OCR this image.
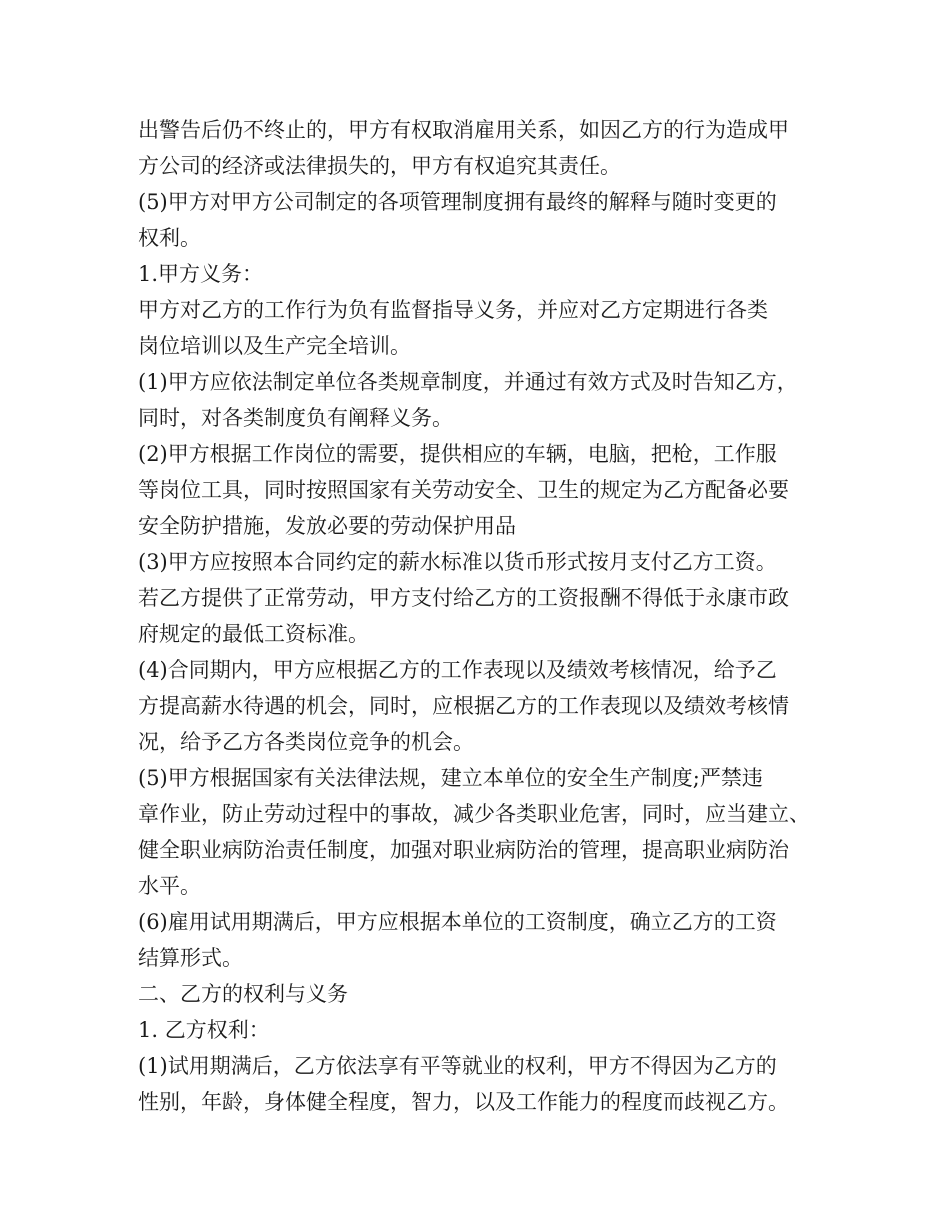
出警告后仍不终止的，甲方有权取消雇用关系，如因乙方的行为造成甲
方公司的经济或法律损失的，甲方有权追究其责任。
(5)甲方对甲方公司制定的各项管理制度拥有最终的解释与随时变更的
权利。
1.甲方义务：
甲方对乙方的工作行为负有监督指导义务，并应对乙方定期进行各类
岗位培训以及生产完全培训。
(1)甲方应依法制定单位各类规章制度，并通过有效方式及时告知乙方，
同时，对各类制度负有阐释义务。
(2)甲方根据工作岗位的需要，提供相应的车辆，电脑，把枪，工作服
等岗位工具，同时按照国家有关劳动安全、卫生的规定为乙方配备必要
安全防护措施，发放必要的劳动保护用品
(3)甲方应按照本合同约定的薪水标准以货币形式按月支付乙方工资。
若乙方提供了正常劳动，甲方支付给乙方的工资报酬不得低于永康市政
府规定的最低工资标准。
(4)合同期内，甲方应根据乙方的工作表现以及绩效考核情况，给予乙
方提高薪水待遇的机会，同时，应根据乙方的工作表现以及绩效考核情
况，给予乙方各类岗位竞争的机会。
(5)甲方根据国家有关法律法规，建立本单位的安全生产制度;严禁违
章作业，防止劳动过程中的事故，减少各类职业危害，同时，应当建立、
健全职业病防治责任制度，加强对职业病防治的管理，提高职业病防治
水平。
(6)雇用试用期满后，甲方应根据本单位的工资制度，确立乙方的工资
结算形式。
二、乙方的权利与义务
1. 乙方权利：
(1)试用期满后，乙方依法享有平等就业的权利，甲方不得因为乙方的
性别，年龄，身体健全程度，智力，以及工作能力的程度而歧视乙方。
